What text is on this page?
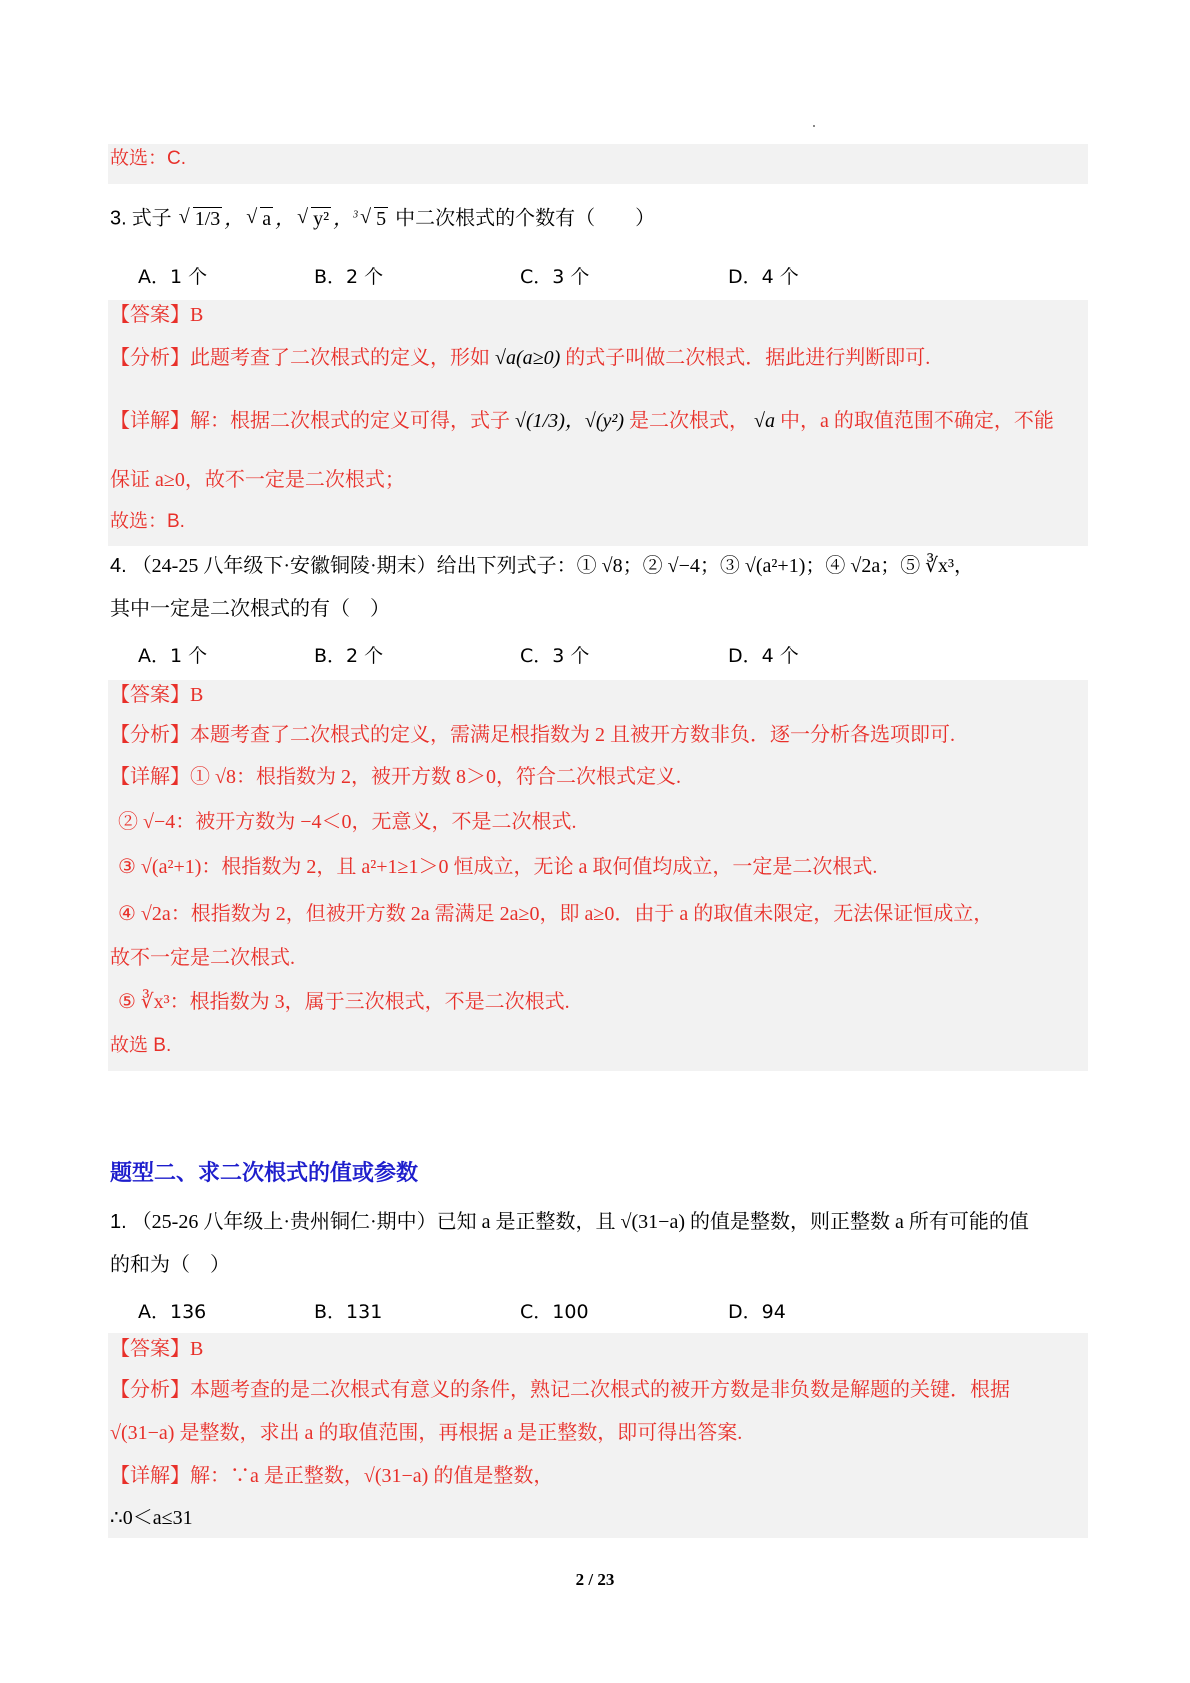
故选：C.
3. 式子 √ 1/3 ， √ a ， √ y² ，$^3$ √ 5 中二次根式的个数有（　　）
A．1 个	B．2 个	C．3 个	D．4 个
【答案】B
【分析】此题考查了二次根式的定义，形如 √a(a≥0) 的式子叫做二次根式．据此进行判断即可.
【详解】解：根据二次根式的定义可得，式子 √(1/3)，√(y²) 是二次根式， √a 中，a 的取值范围不确定，不能
保证 a≥0，故不一定是二次根式；
故选：B.
4. （24-25 八年级下·安徽铜陵·期末）给出下列式子：① √8；② √−4；③ √(a²+1)；④ √2a；⑤ ∛x³，
其中一定是二次根式的有（　）
A．1 个	B．2 个	C．3 个	D．4 个
【答案】B
【分析】本题考查了二次根式的定义，需满足根指数为 2 且被开方数非负．逐一分析各选项即可.
【详解】① √8：根指数为 2，被开方数 8＞0，符合二次根式定义.
② √−4：被开方数为 −4＜0，无意义，不是二次根式.
③ √(a²+1)：根指数为 2，且 a²+1≥1＞0 恒成立，无论 a 取何值均成立，一定是二次根式.
④ √2a：根指数为 2，但被开方数 2a 需满足 2a≥0，即 a≥0．由于 a 的取值未限定，无法保证恒成立，
故不一定是二次根式.
⑤ ∛x³：根指数为 3，属于三次根式，不是二次根式.
故选 B.
题型二、求二次根式的值或参数
1. （25-26 八年级上·贵州铜仁·期中）已知 a 是正整数，且 √(31−a) 的值是整数，则正整数 a 所有可能的值
的和为（　）
A．136	B．131	C．100	D．94
【答案】B
【分析】本题考查的是二次根式有意义的条件，熟记二次根式的被开方数是非负数是解题的关键．根据
√(31−a) 是整数，求出 a 的取值范围，再根据 a 是正整数，即可得出答案.
【详解】解：∵a 是正整数，√(31−a) 的值是整数，
∴0＜a≤31
2 / 23
